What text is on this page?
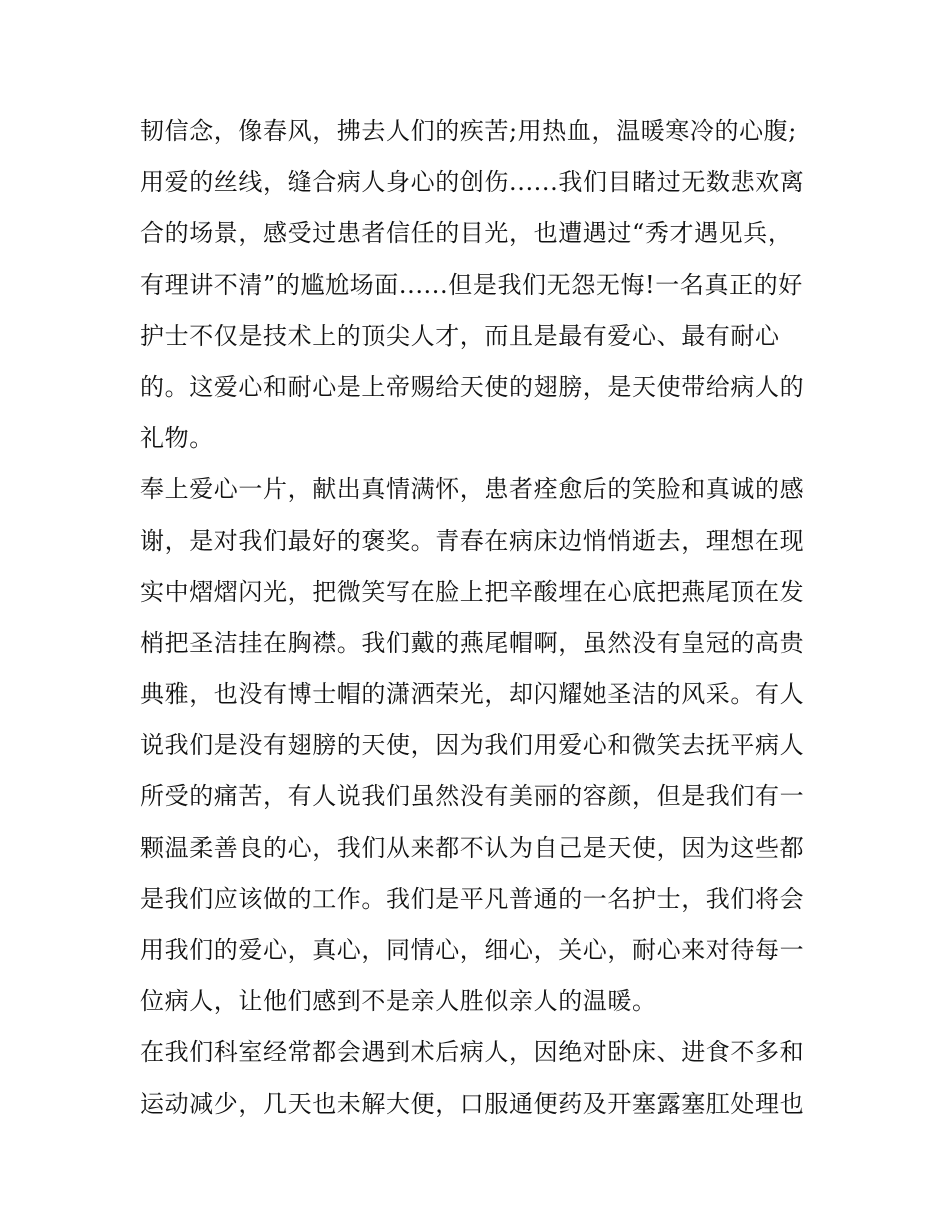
韧信念，像春风，拂去人们的疾苦;用热血，温暖寒冷的心腹;
用爱的丝线，缝合病人身心的创伤......我们目睹过无数悲欢离
合的场景，感受过患者信任的目光，也遭遇过“秀才遇见兵，
有理讲不清”的尴尬场面......但是我们无怨无悔!一名真正的好
护士不仅是技术上的顶尖人才，而且是最有爱心、最有耐心
的。这爱心和耐心是上帝赐给天使的翅膀，是天使带给病人的
礼物。
奉上爱心一片，献出真情满怀，患者痊愈后的笑脸和真诚的感
谢，是对我们最好的褒奖。青春在病床边悄悄逝去，理想在现
实中熠熠闪光，把微笑写在脸上把辛酸埋在心底把燕尾顶在发
梢把圣洁挂在胸襟。我们戴的燕尾帽啊，虽然没有皇冠的高贵
典雅，也没有博士帽的潇洒荣光，却闪耀她圣洁的风采。有人
说我们是没有翅膀的天使，因为我们用爱心和微笑去抚平病人
所受的痛苦，有人说我们虽然没有美丽的容颜，但是我们有一
颗温柔善良的心，我们从来都不认为自己是天使，因为这些都
是我们应该做的工作。我们是平凡普通的一名护士，我们将会
用我们的爱心，真心，同情心，细心，关心，耐心来对待每一
位病人，让他们感到不是亲人胜似亲人的温暖。
在我们科室经常都会遇到术后病人，因绝对卧床、进食不多和
运动减少，几天也未解大便，口服通便药及开塞露塞肛处理也
